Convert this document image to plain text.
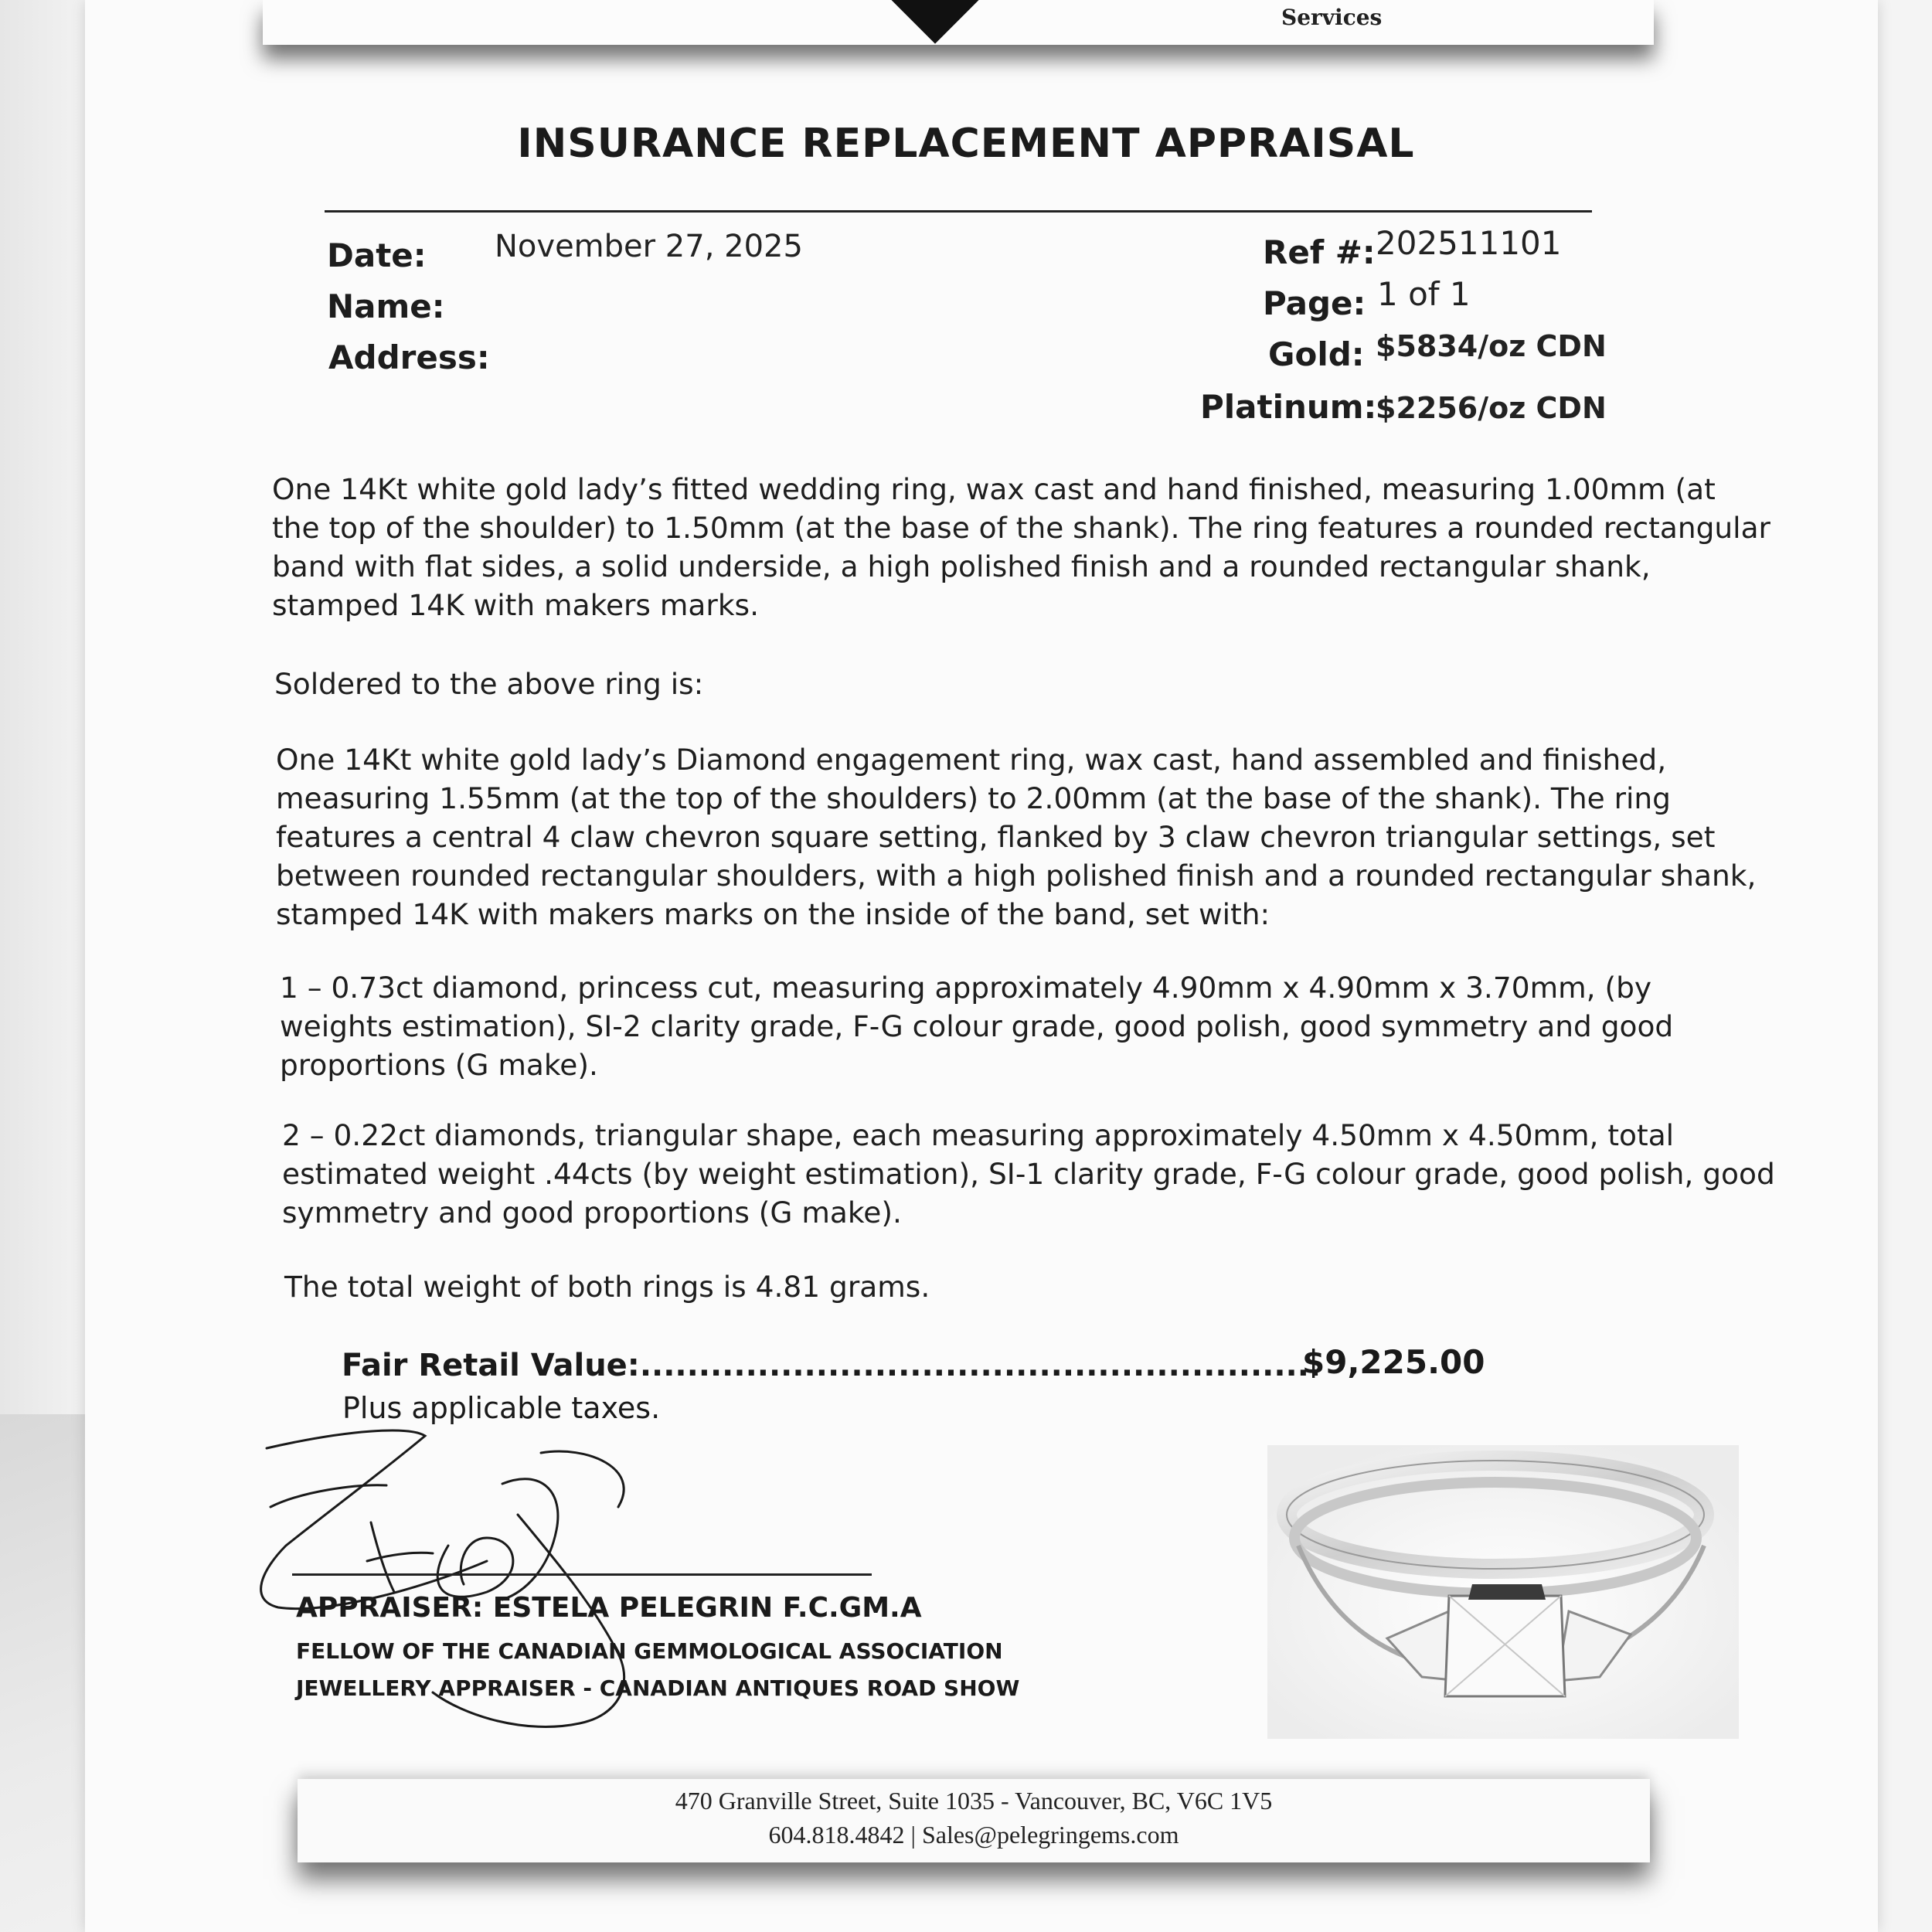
Services
INSURANCE REPLACEMENT APPRAISAL
Date: November 27, 2025
Name:
Address:
Ref #: 202511101
Page: 1 of 1
Gold: $5834/oz CDN
Platinum:
$2256/oz CDN
One 14Kt white gold lady’s fitted wedding ring, wax cast and hand finished, measuring 1.00mm (at
the top of the shoulder) to 1.50mm (at the base of the shank). The ring features a rounded rectangular
band with flat sides, a solid underside, a high polished finish and a rounded rectangular shank,
stamped 14K with makers marks.
Soldered to the above ring is:
One 14Kt white gold lady’s Diamond engagement ring, wax cast, hand assembled and finished,
measuring 1.55mm (at the top of the shoulders) to 2.00mm (at the base of the shank). The ring
features a central 4 claw chevron square setting, flanked by 3 claw chevron triangular settings, set
between rounded rectangular shoulders, with a high polished finish and a rounded rectangular shank,
stamped 14K with makers marks on the inside of the band, set with:
1 – 0.73ct diamond, princess cut, measuring approximately 4.90mm x 4.90mm x 3.70mm, (by
weights estimation), SI-2 clarity grade, F-G colour grade, good polish, good symmetry and good
proportions (G make).
2 – 0.22ct diamonds, triangular shape, each measuring approximately 4.50mm x 4.50mm, total
estimated weight .44cts (by weight estimation), SI-1 clarity grade, F-G colour grade, good polish, good
symmetry and good proportions (G make).
The total weight of both rings is 4.81 grams.
Fair Retail Value:..........................................................
$9,225.00
Plus applicable taxes.
APPRAISER: ESTELA PELEGRIN F.C.GM.A
FELLOW OF THE CANADIAN GEMMOLOGICAL ASSOCIATION
JEWELLERY APPRAISER - CANADIAN ANTIQUES ROAD SHOW
470 Granville Street, Suite 1035 - Vancouver, BC, V6C 1V5
604.818.4842 | Sales@pelegringems.com
